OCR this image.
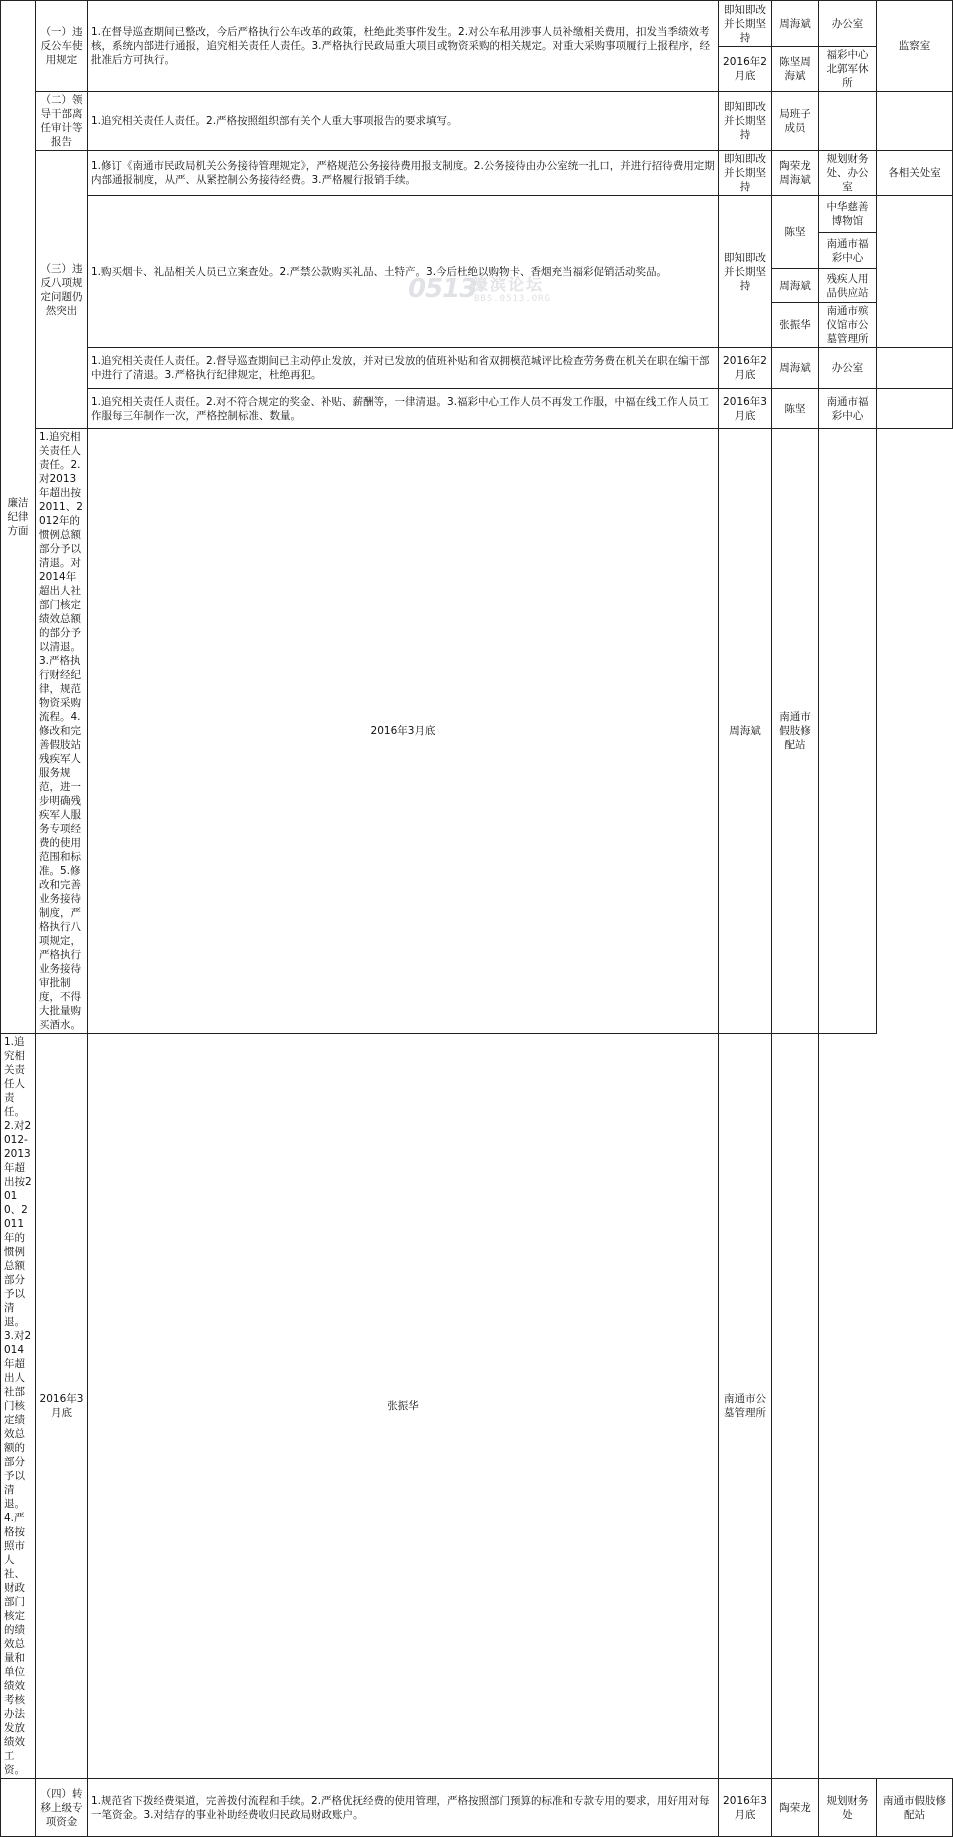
廉洁纪律方面	（一）违反公车使用规定	1.在督导巡查期间已整改，今后严格执行公车改革的政策，杜绝此类事件发生。2.对公车私用涉事人员补缴相关费用，扣发当季绩效考核，系统内部进行通报，追究相关责任人责任。3.严格执行民政局重大项目或物资采购的相关规定。对重大采购事项履行上报程序，经批准后方可执行。	即知即改并长期坚持	周海斌	办公室	监察室
			2016年2月底	陈坚周海斌	福彩中心北郭军休所	
	（二）领导干部离任审计等报告	1.追究相关责任人责任。2.严格按照组织部有关个人重大事项报告的要求填写。	即知即改并长期坚持	局班子成员		
	（三）违反八项规定问题仍然突出	1.修订《南通市民政局机关公务接待管理规定》，严格规范公务接待费用报支制度。2.公务接待由办公室统一扎口，并进行招待费用定期内部通报制度，从严、从紧控制公务接待经费。3.严格履行报销手续。	即知即改并长期坚持	陶荣龙周海斌	规划财务处、办公室	各相关处室
		1.购买烟卡、礼品相关人员已立案查处。2.严禁公款购买礼品、土特产。3.今后杜绝以购物卡、香烟充当福彩促销活动奖品。	即知即改并长期坚持	陈坚	中华慈善博物馆	
					南通市福彩中心	
				周海斌	残疾人用品供应站	
				张振华	南通市殡仪馆市公墓管理所	
		1.追究相关责任人责任。2.督导巡查期间已主动停止发放，并对已发放的值班补贴和省双拥模范城评比检查劳务费在机关在职在编干部中进行了清退。3.严格执行纪律规定，杜绝再犯。	2016年2月底	周海斌	办公室	
		1.追究相关责任人责任。2.对不符合规定的奖金、补贴、薪酬等，一律清退。3.福彩中心工作人员不再发工作服，中福在线工作人员工作服每三年制作一次，严格控制标准、数量。	2016年3月底	陈坚	南通市福彩中心	
	1.追究相关责任人责任。2.对2013年超出按2011、2012年的惯例总额部分予以清退。对2014年超出人社部门核定绩效总额的部分予以清退。3.严格执行财经纪律，规范物资采购流程。4.修改和完善假肢站残疾军人服务规范，进一步明确残疾军人服务专项经费的使用范围和标准。5.修改和完善业务接待制度，严格执行八项规定，严格执行业务接待审批制度，不得大批量购买酒水。	2016年3月底	周海斌	南通市假肢修配站		
1.追究相关责任人责任。2.对2012-2013年超出按2010、2011年的惯例总额部分予以清退。3.对2014年超出人社部门核定绩效总额的部分予以清退。4.严格按照市人社、财政部门核定的绩效总量和单位绩效考核办法发放绩效工资。	2016年3月底	张振华	南通市公墓管理所			
	（四）转移上级专项资金	1.规范省下拨经费渠道，完善拨付流程和手续。2.严格优抚经费的使用管理，严格按照部门预算的标准和专款专用的要求，用好用对每一笔资金。3.对结存的事业补助经费收归民政局财政账户。	2016年3月底	陶荣龙	规划财务处	南通市假肢修配站
0513
濠滨论坛
BBS.0513.ORG
